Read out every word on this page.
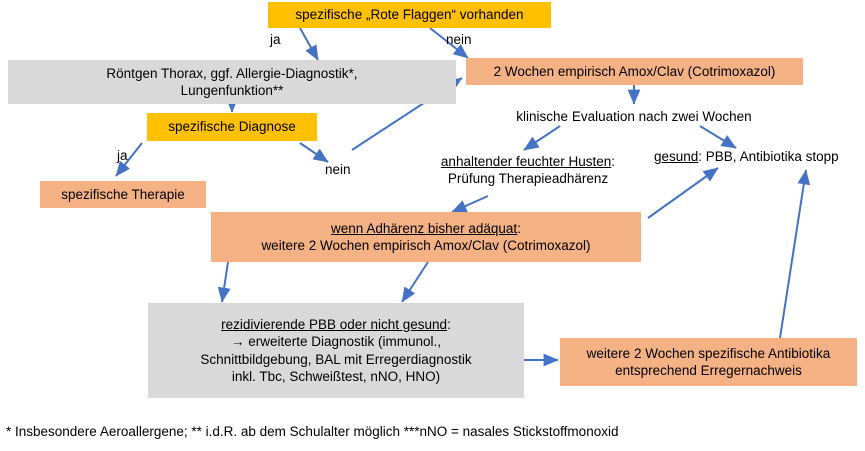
spezifische „Rote Flaggen“ vorhanden
ja	nein
Röntgen Thorax, ggf. Allergie-Diagnostik*,
Lungenfunktion**
2 Wochen empirisch Amox/Clav (Cotrimoxazol)
spezifische Diagnose
klinische Evaluation nach zwei Wochen
ja
nein
anhaltender feuchter Husten:
Prüfung Therapieadhärenz
gesund: PBB, Antibiotika stopp
spezifische Therapie
wenn Adhärenz bisher adäquat:
weitere 2 Wochen empirisch Amox/Clav (Cotrimoxazol)
rezidivierende PBB oder nicht gesund:
→ erweiterte Diagnostik (immunol.,
Schnittbildgebung, BAL mit Erregerdiagnostik
inkl. Tbc, Schweißtest, nNO, HNO)
weitere 2 Wochen spezifische Antibiotika
entsprechend Erregernachweis
* Insbesondere Aeroallergene; ** i.d.R. ab dem Schulalter möglich ***nNO = nasales Stickstoffmonoxid
